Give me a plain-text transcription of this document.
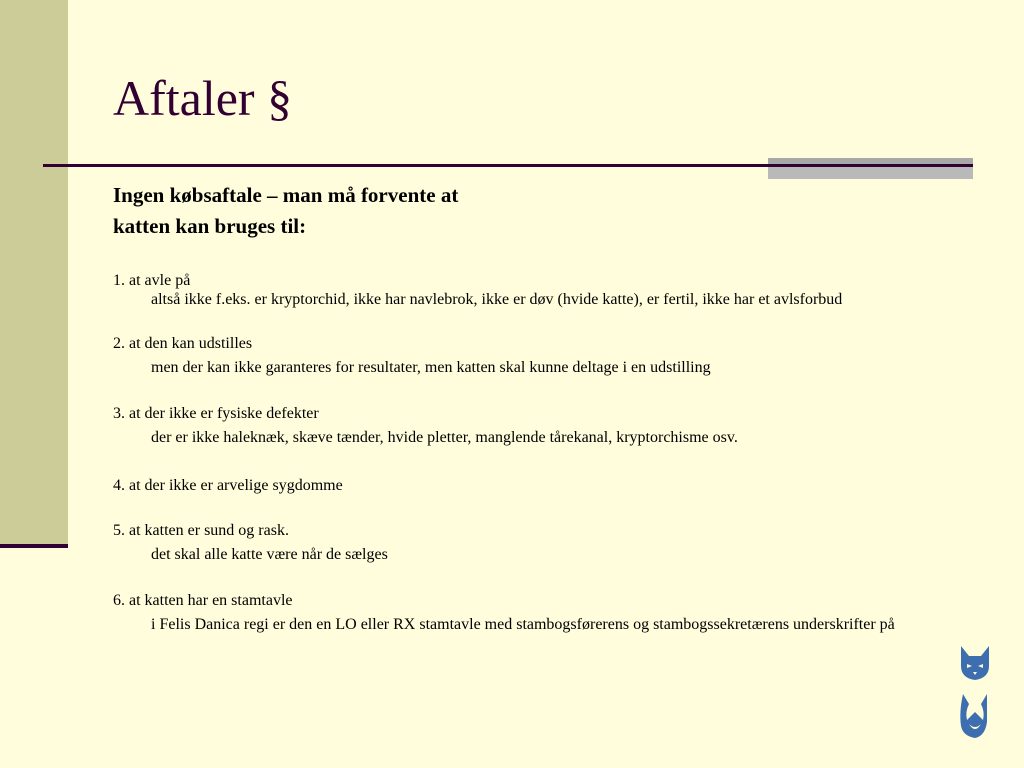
Aftaler §
Ingen købsaftale – man må forvente at
katten kan bruges til:
1. at avle på
altså ikke f.eks. er kryptorchid, ikke har navlebrok, ikke er døv (hvide katte), er fertil, ikke har et avlsforbud
2. at den kan udstilles
men der kan ikke garanteres for resultater, men katten skal kunne deltage i en udstilling
3. at der ikke er fysiske defekter
der er ikke haleknæk, skæve tænder, hvide pletter, manglende tårekanal, kryptorchisme osv.
4. at der ikke er arvelige sygdomme
5. at katten er sund og rask.
det skal alle katte være når de sælges
6. at katten har en stamtavle
i Felis Danica regi er den en LO eller RX stamtavle med stambogsførerens og stambogssekretærens underskrifter på
